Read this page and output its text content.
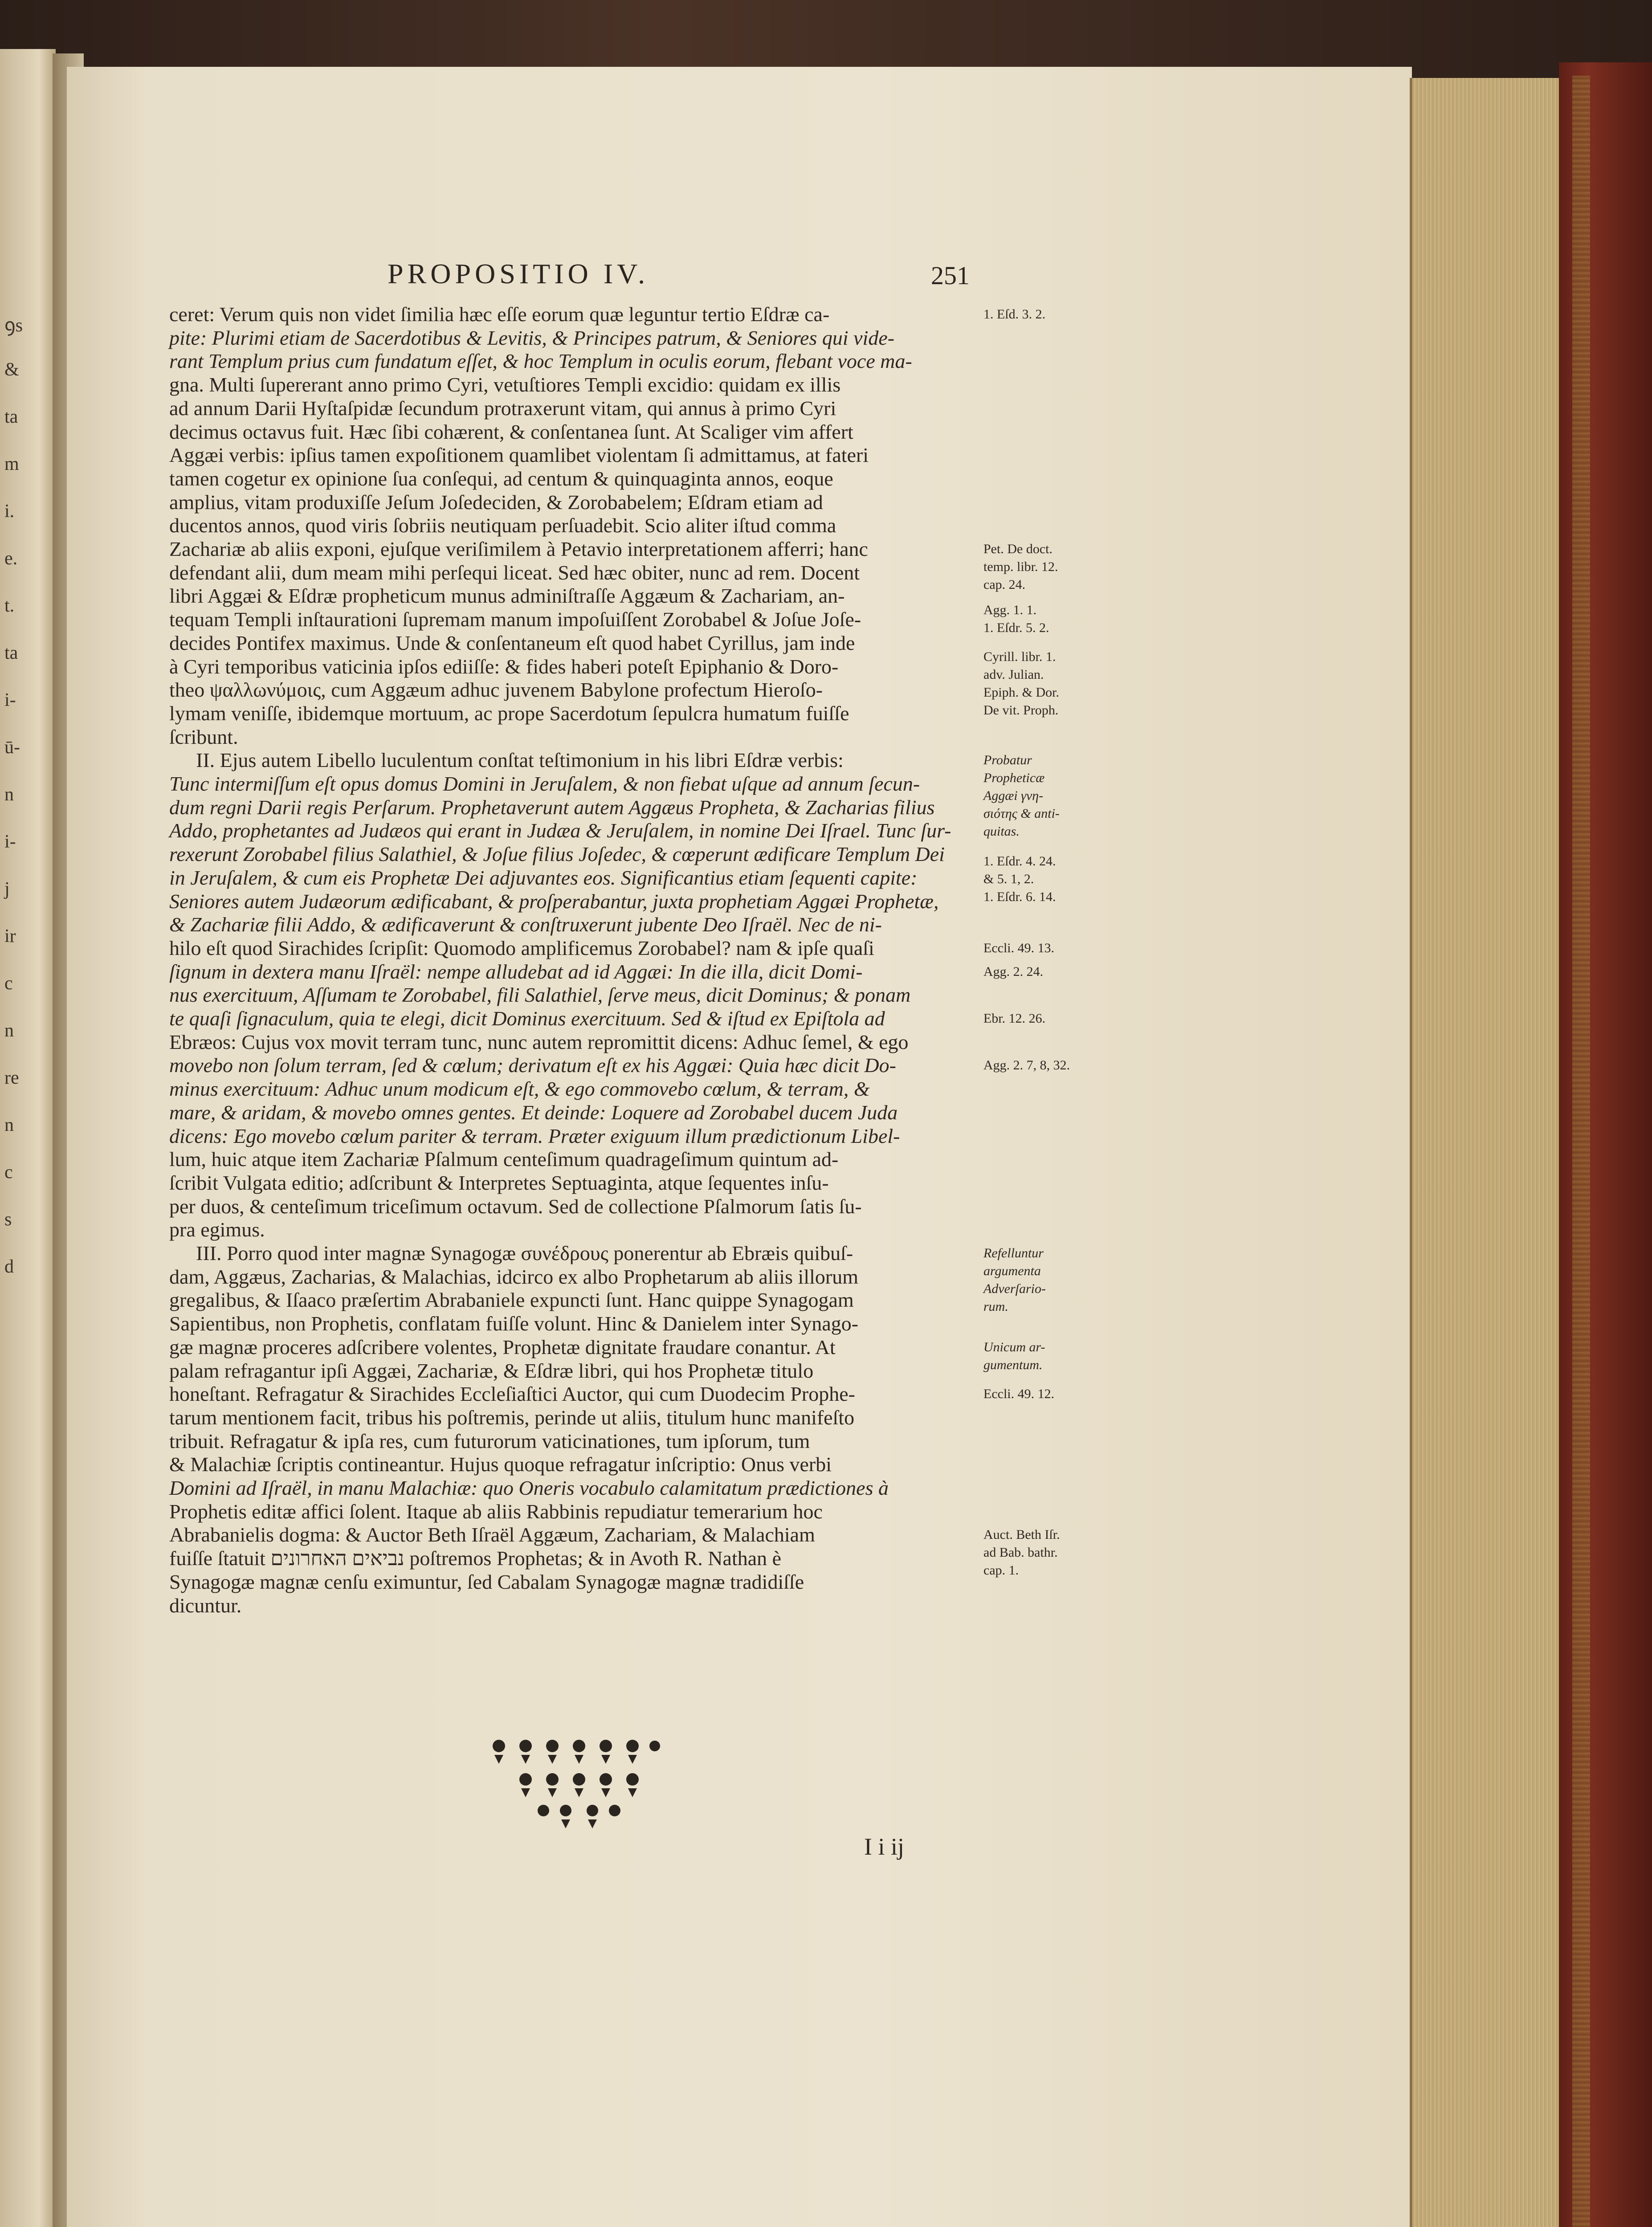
ꝯs
&
ta
m
i.
e.
t.
ta
i-
ū-
n
i-
j
ir
c
n
re
n
c
s
d
PROPOSITIO IV.	251
ceret: Verum quis non videt ſimilia hæc eſſe eorum quæ leguntur tertio Eſdræ ca-
pite: Plurimi etiam de Sacerdotibus & Levitis, & Principes patrum, & Seniores qui vide-
rant Templum prius cum fundatum eſſet, & hoc Templum in oculis eorum, flebant voce ma-
gna. Multi ſupererant anno primo Cyri, vetuſtiores Templi excidio: quidam ex illis
ad annum Darii Hyſtaſpidæ ſecundum protraxerunt vitam, qui annus à primo Cyri
decimus octavus fuit. Hæc ſibi cohærent, & conſentanea ſunt. At Scaliger vim affert
Aggæi verbis: ipſius tamen expoſitionem quamlibet violentam ſi admittamus, at fateri
tamen cogetur ex opinione ſua conſequi, ad centum & quinquaginta annos, eoque
amplius, vitam produxiſſe Jeſum Joſedeciden, & Zorobabelem; Eſdram etiam ad
ducentos annos, quod viris ſobriis neutiquam perſuadebit. Scio aliter iſtud comma
Zachariæ ab aliis exponi, ejuſque veriſimilem à Petavio interpretationem afferri; hanc
defendant alii, dum meam mihi perſequi liceat. Sed hæc obiter, nunc ad rem. Docent
libri Aggæi & Eſdræ propheticum munus adminiſtraſſe Aggæum & Zachariam, an-
tequam Templi inſtaurationi ſupremam manum impoſuiſſent Zorobabel & Joſue Joſe-
decides Pontifex maximus. Unde & conſentaneum eſt quod habet Cyrillus, jam inde
à Cyri temporibus vaticinia ipſos ediiſſe: & fides haberi poteſt Epiphanio & Doro-
theo ψαλλωνύμοις, cum Aggæum adhuc juvenem Babylone profectum Hieroſo-
lymam veniſſe, ibidemque mortuum, ac prope Sacerdotum ſepulcra humatum fuiſſe
ſcribunt.
II. Ejus autem Libello luculentum conſtat teſtimonium in his libri Eſdræ verbis:
Tunc intermiſſum eſt opus domus Domini in Jeruſalem, & non fiebat uſque ad annum ſecun-
dum regni Darii regis Perſarum. Prophetaverunt autem Aggæus Propheta, & Zacharias filius
Addo, prophetantes ad Judæos qui erant in Judæa & Jeruſalem, in nomine Dei Iſrael. Tunc ſur-
rexerunt Zorobabel filius Salathiel, & Joſue filius Joſedec, & cœperunt ædificare Templum Dei
in Jeruſalem, & cum eis Prophetæ Dei adjuvantes eos. Significantius etiam ſequenti capite:
Seniores autem Judæorum ædificabant, & proſperabantur, juxta prophetiam Aggæi Prophetæ,
& Zachariæ filii Addo, & ædificaverunt & conſtruxerunt jubente Deo Iſraël. Nec de ni-
hilo eſt quod Sirachides ſcripſit: Quomodo amplificemus Zorobabel? nam & ipſe quaſi
ſignum in dextera manu Iſraël: nempe alludebat ad id Aggæi: In die illa, dicit Domi-
nus exercituum, Aſſumam te Zorobabel, fili Salathiel, ſerve meus, dicit Dominus; & ponam
te quaſi ſignaculum, quia te elegi, dicit Dominus exercituum. Sed & iſtud ex Epiſtola ad
Ebræos: Cujus vox movit terram tunc, nunc autem repromittit dicens: Adhuc ſemel, & ego
movebo non ſolum terram, ſed & cœlum; derivatum eſt ex his Aggæi: Quia hæc dicit Do-
minus exercituum: Adhuc unum modicum eſt, & ego commovebo cœlum, & terram, &
mare, & aridam, & movebo omnes gentes. Et deinde: Loquere ad Zorobabel ducem Juda
dicens: Ego movebo cœlum pariter & terram. Præter exiguum illum prædictionum Libel-
lum, huic atque item Zachariæ Pſalmum centeſimum quadrageſimum quintum ad-
ſcribit Vulgata editio; adſcribunt & Interpretes Septuaginta, atque ſequentes inſu-
per duos, & centeſimum triceſimum octavum. Sed de collectione Pſalmorum ſatis ſu-
pra egimus.
III. Porro quod inter magnæ Synagogæ συνέδρους ponerentur ab Ebræis quibuſ-
dam, Aggæus, Zacharias, & Malachias, idcirco ex albo Prophetarum ab aliis illorum
gregalibus, & Iſaaco præſertim Abrabaniele expuncti ſunt. Hanc quippe Synagogam
Sapientibus, non Prophetis, conflatam fuiſſe volunt. Hinc & Danielem inter Synago-
gæ magnæ proceres adſcribere volentes, Prophetæ dignitate fraudare conantur. At
palam refragantur ipſi Aggæi, Zachariæ, & Eſdræ libri, qui hos Prophetæ titulo
honeſtant. Refragatur & Sirachides Eccleſiaſtici Auctor, qui cum Duodecim Prophe-
tarum mentionem facit, tribus his poſtremis, perinde ut aliis, titulum hunc manifeſto
tribuit. Refragatur & ipſa res, cum futurorum vaticinationes, tum ipſorum, tum
& Malachiæ ſcriptis contineantur. Hujus quoque refragatur inſcriptio: Onus verbi
Domini ad Iſraël, in manu Malachiæ: quo Oneris vocabulo calamitatum prædictiones à
Prophetis editæ affici ſolent. Itaque ab aliis Rabbinis repudiatur temerarium hoc
Abrabanielis dogma: & Auctor Beth Iſraël Aggæum, Zachariam, & Malachiam
fuiſſe ſtatuit נביאים האחרונים poſtremos Prophetas; & in Avoth R. Nathan è
Synagogæ magnæ cenſu eximuntur, ſed Cabalam Synagogæ magnæ tradidiſſe
dicuntur.
1. Eſd. 3. 2.
Pet. De doct.
temp. libr. 12.
cap. 24.
Agg. 1. 1.
1. Eſdr. 5. 2.
Cyrill. libr. 1.
adv. Julian.
Epiph. & Dor.
De vit. Proph.
Probatur
Propheticæ
Aggæi γνη-
σιότης & anti-
quitas.
1. Eſdr. 4. 24.
& 5. 1, 2.
1. Eſdr. 6. 14.
Eccli. 49. 13.
Agg. 2. 24.
Ebr. 12. 26.
Agg. 2. 7, 8, 32.
Refelluntur
argumenta
Adverſario-
rum.
Unicum ar-
gumentum.
Eccli. 49. 12.
Auct. Beth Iſr.
ad Bab. bathr.
cap. 1.
I i ij
